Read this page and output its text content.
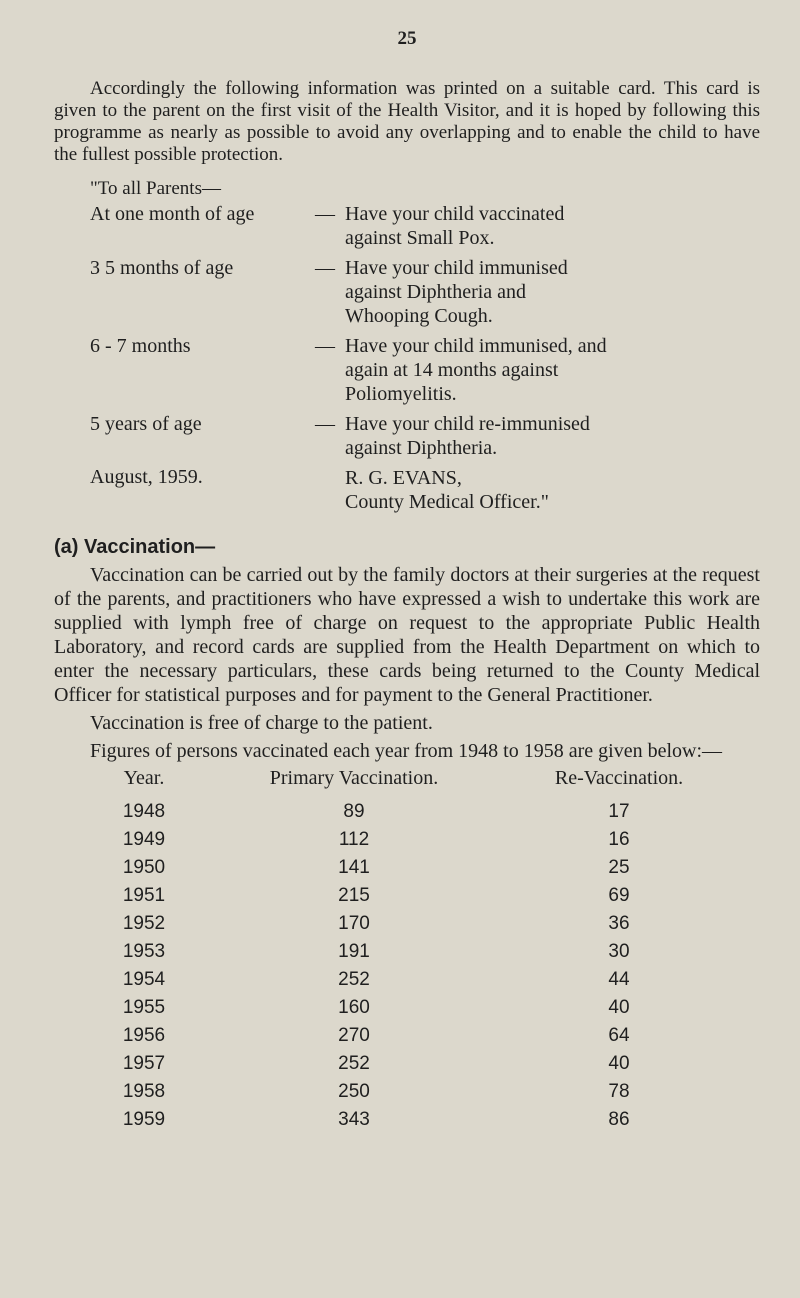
25

Accordingly the following information was printed on a suitable card. This card is given to the parent on the first visit of the Health Visitor, and it is hoped by following this programme as nearly as possible to avoid any overlapping and to enable the child to have the fullest possible protection.

"To all Parents—
At one month of age	— Have your child vaccinated
against Small Pox.
3 5 months of age	— Have your child immunised
against Diphtheria and
Whooping Cough.
6 - 7 months	— Have your child immunised, and
again at 14 months against
Poliomyelitis.
5 years of age	— Have your child re-immunised
against Diphtheria.
August, 1959.	R. G. EVANS,
County Medical Officer."
(a) Vaccination—

Vaccination can be carried out by the family doctors at their surgeries at the request of the parents, and practitioners who have expressed a wish to undertake this work are supplied with lymph free of charge on request to the appropriate Public Health Laboratory, and record cards are supplied from the Health Department on which to enter the necessary particulars, these cards being returned to the County Medical Officer for statistical purposes and for payment to the General Practitioner.

Vaccination is free of charge to the patient.

Figures of persons vaccinated each year from 1948 to 1958 are given below:—

Year.	Primary Vaccination.	Re-Vaccination.
1948	89	17
1949	112	16
1950	141	25
1951	215	69
1952	170	36
1953	191	30
1954	252	44
1955	160	40
1956	270	64
1957	252	40
1958	250	78
1959	343	86
